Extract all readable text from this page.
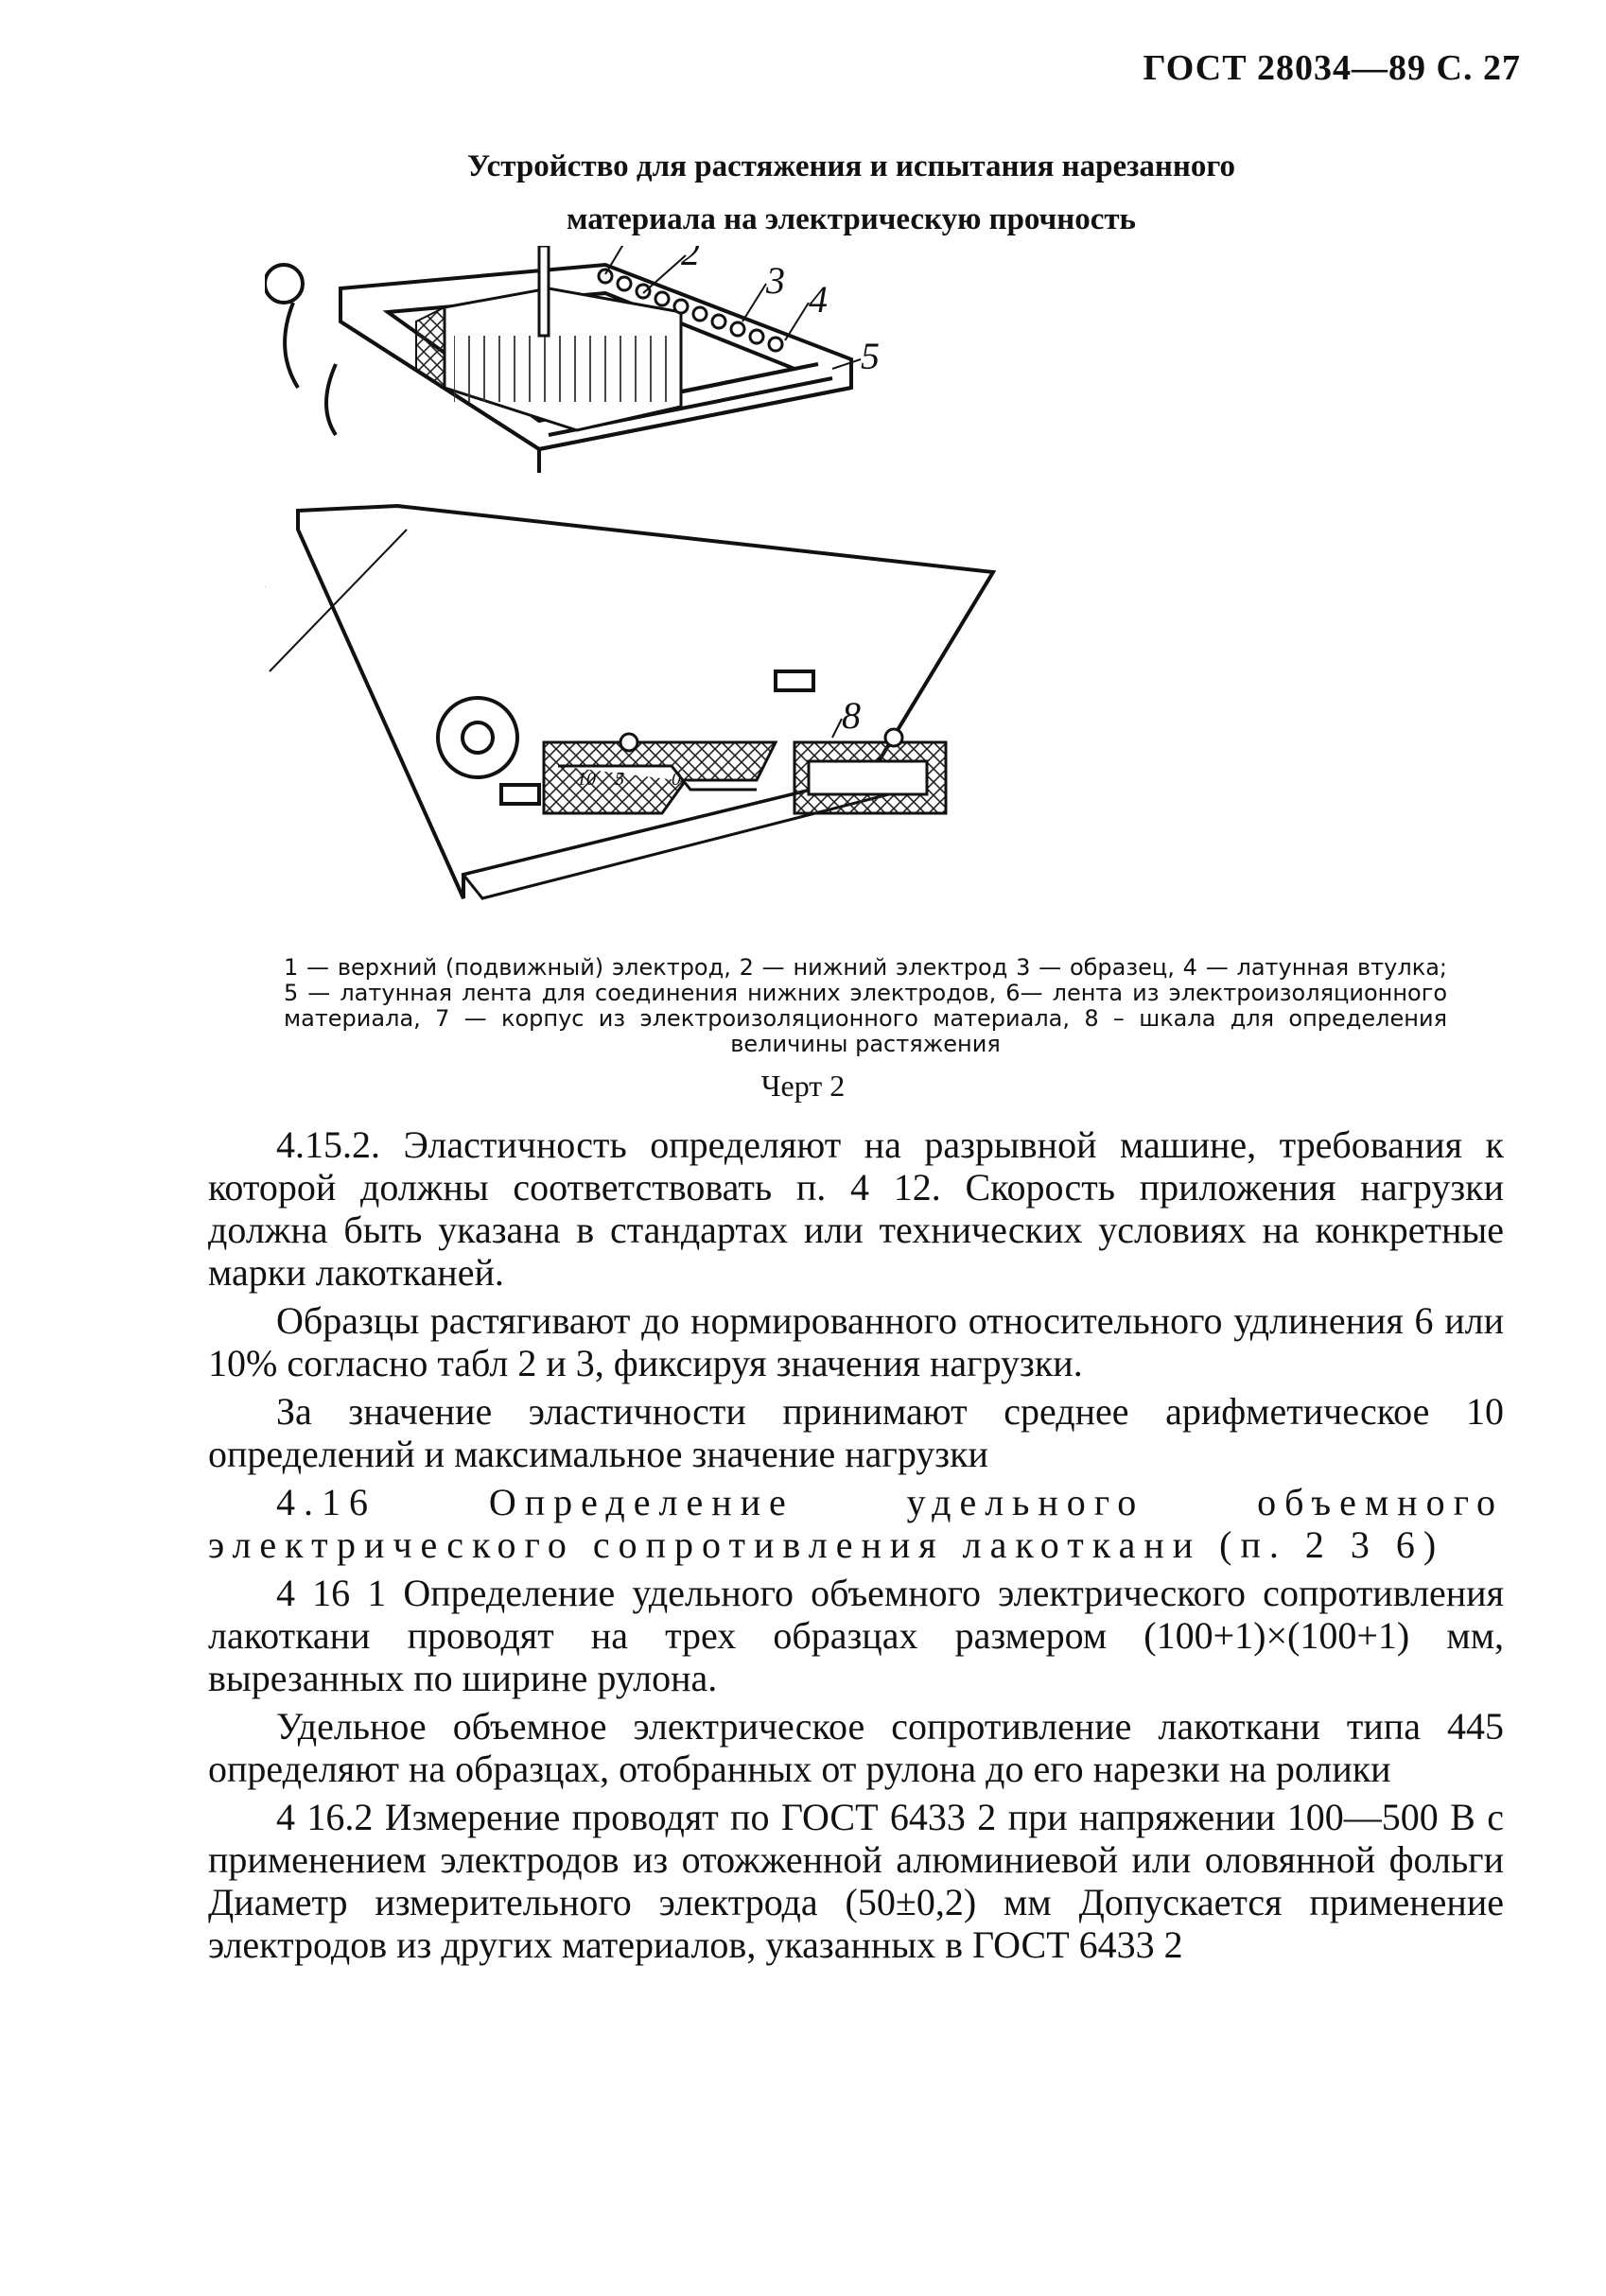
ГОСТ 28034—89 С. 27
Устройство для растяжения и испытания нарезанного
материала на электрическую прочность
2
3 4
5
8
10 5	0
1 — верхний (подвижный) электрод, 2 — нижний электрод 3 — образец, 4 — латунная втулка; 5 — латунная лента для соединения нижних электродов, 6— лента из электроизоляционного материала, 7 — корпус из электроизоляционного материала, 8 – шкала для определения величины растяжения
Черт 2

4.15.2. Эластичность определяют на разрывной машине, требования к которой должны соответствовать п. 4 12. Скорость приложения нагрузки должна быть указана в стандартах или технических условиях на конкретные марки лакотканей.

Образцы растягивают до нормированного относительного удлинения 6 или 10% согласно табл 2 и 3, фиксируя значения нагрузки.

За значение эластичности принимают среднее арифметическое 10 определений и максимальное значение нагрузки

4.16 Определение удельного объемного электрического сопротивления лакоткани (п. 2 3 6)

4 16 1 Определение удельного объемного электрического сопротивления лакоткани проводят на трех образцах размером (100+1)×(100+1) мм, вырезанных по ширине рулона.

Удельное объемное электрическое сопротивление лакоткани типа 445 определяют на образцах, отобранных от рулона до его нарезки на ролики

4 16.2 Измерение проводят по ГОСТ 6433 2 при напряжении 100—500 В с применением электродов из отожженной алюминиевой или оловянной фольги Диаметр измерительного электрода (50±0,2) мм Допускается применение электродов из других материалов, указанных в ГОСТ 6433 2
